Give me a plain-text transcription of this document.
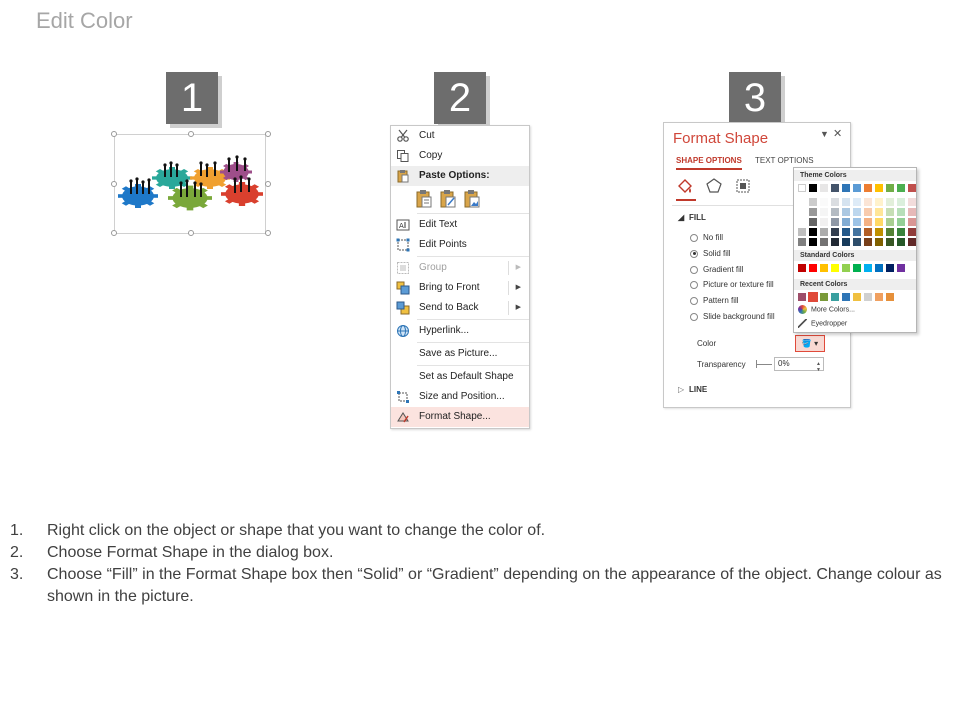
Edit Color
1	2	3
Cut
Copy
Paste Options:
A Edit Text
Edit Points
Group	▶
Bring to Front	▶
Send to Back	▶
Hyperlink...
Save as Picture...
Set as Default Shape
Size and Position...
Format Shape...
Format Shape	▼ ✕
SHAPE OPTIONS TEXT OPTIONS
◢ FILL
No fill
Solid fill
Gradient fill
Picture or texture fill
Pattern fill
Slide background fill
Color	🪣 ▾
Transparency	0%	▲
▼
▷ LINE
Theme Colors
Standard Colors
Recent Colors
More Colors...
Eyedropper
1. Right click on the object or shape that you want to change the color of.
2. Choose Format Shape in the dialog box.
3. Choose “Fill” in the Format Shape box then “Solid” or “Gradient” depending on the appearance of the object. Change colour as shown in the picture.
